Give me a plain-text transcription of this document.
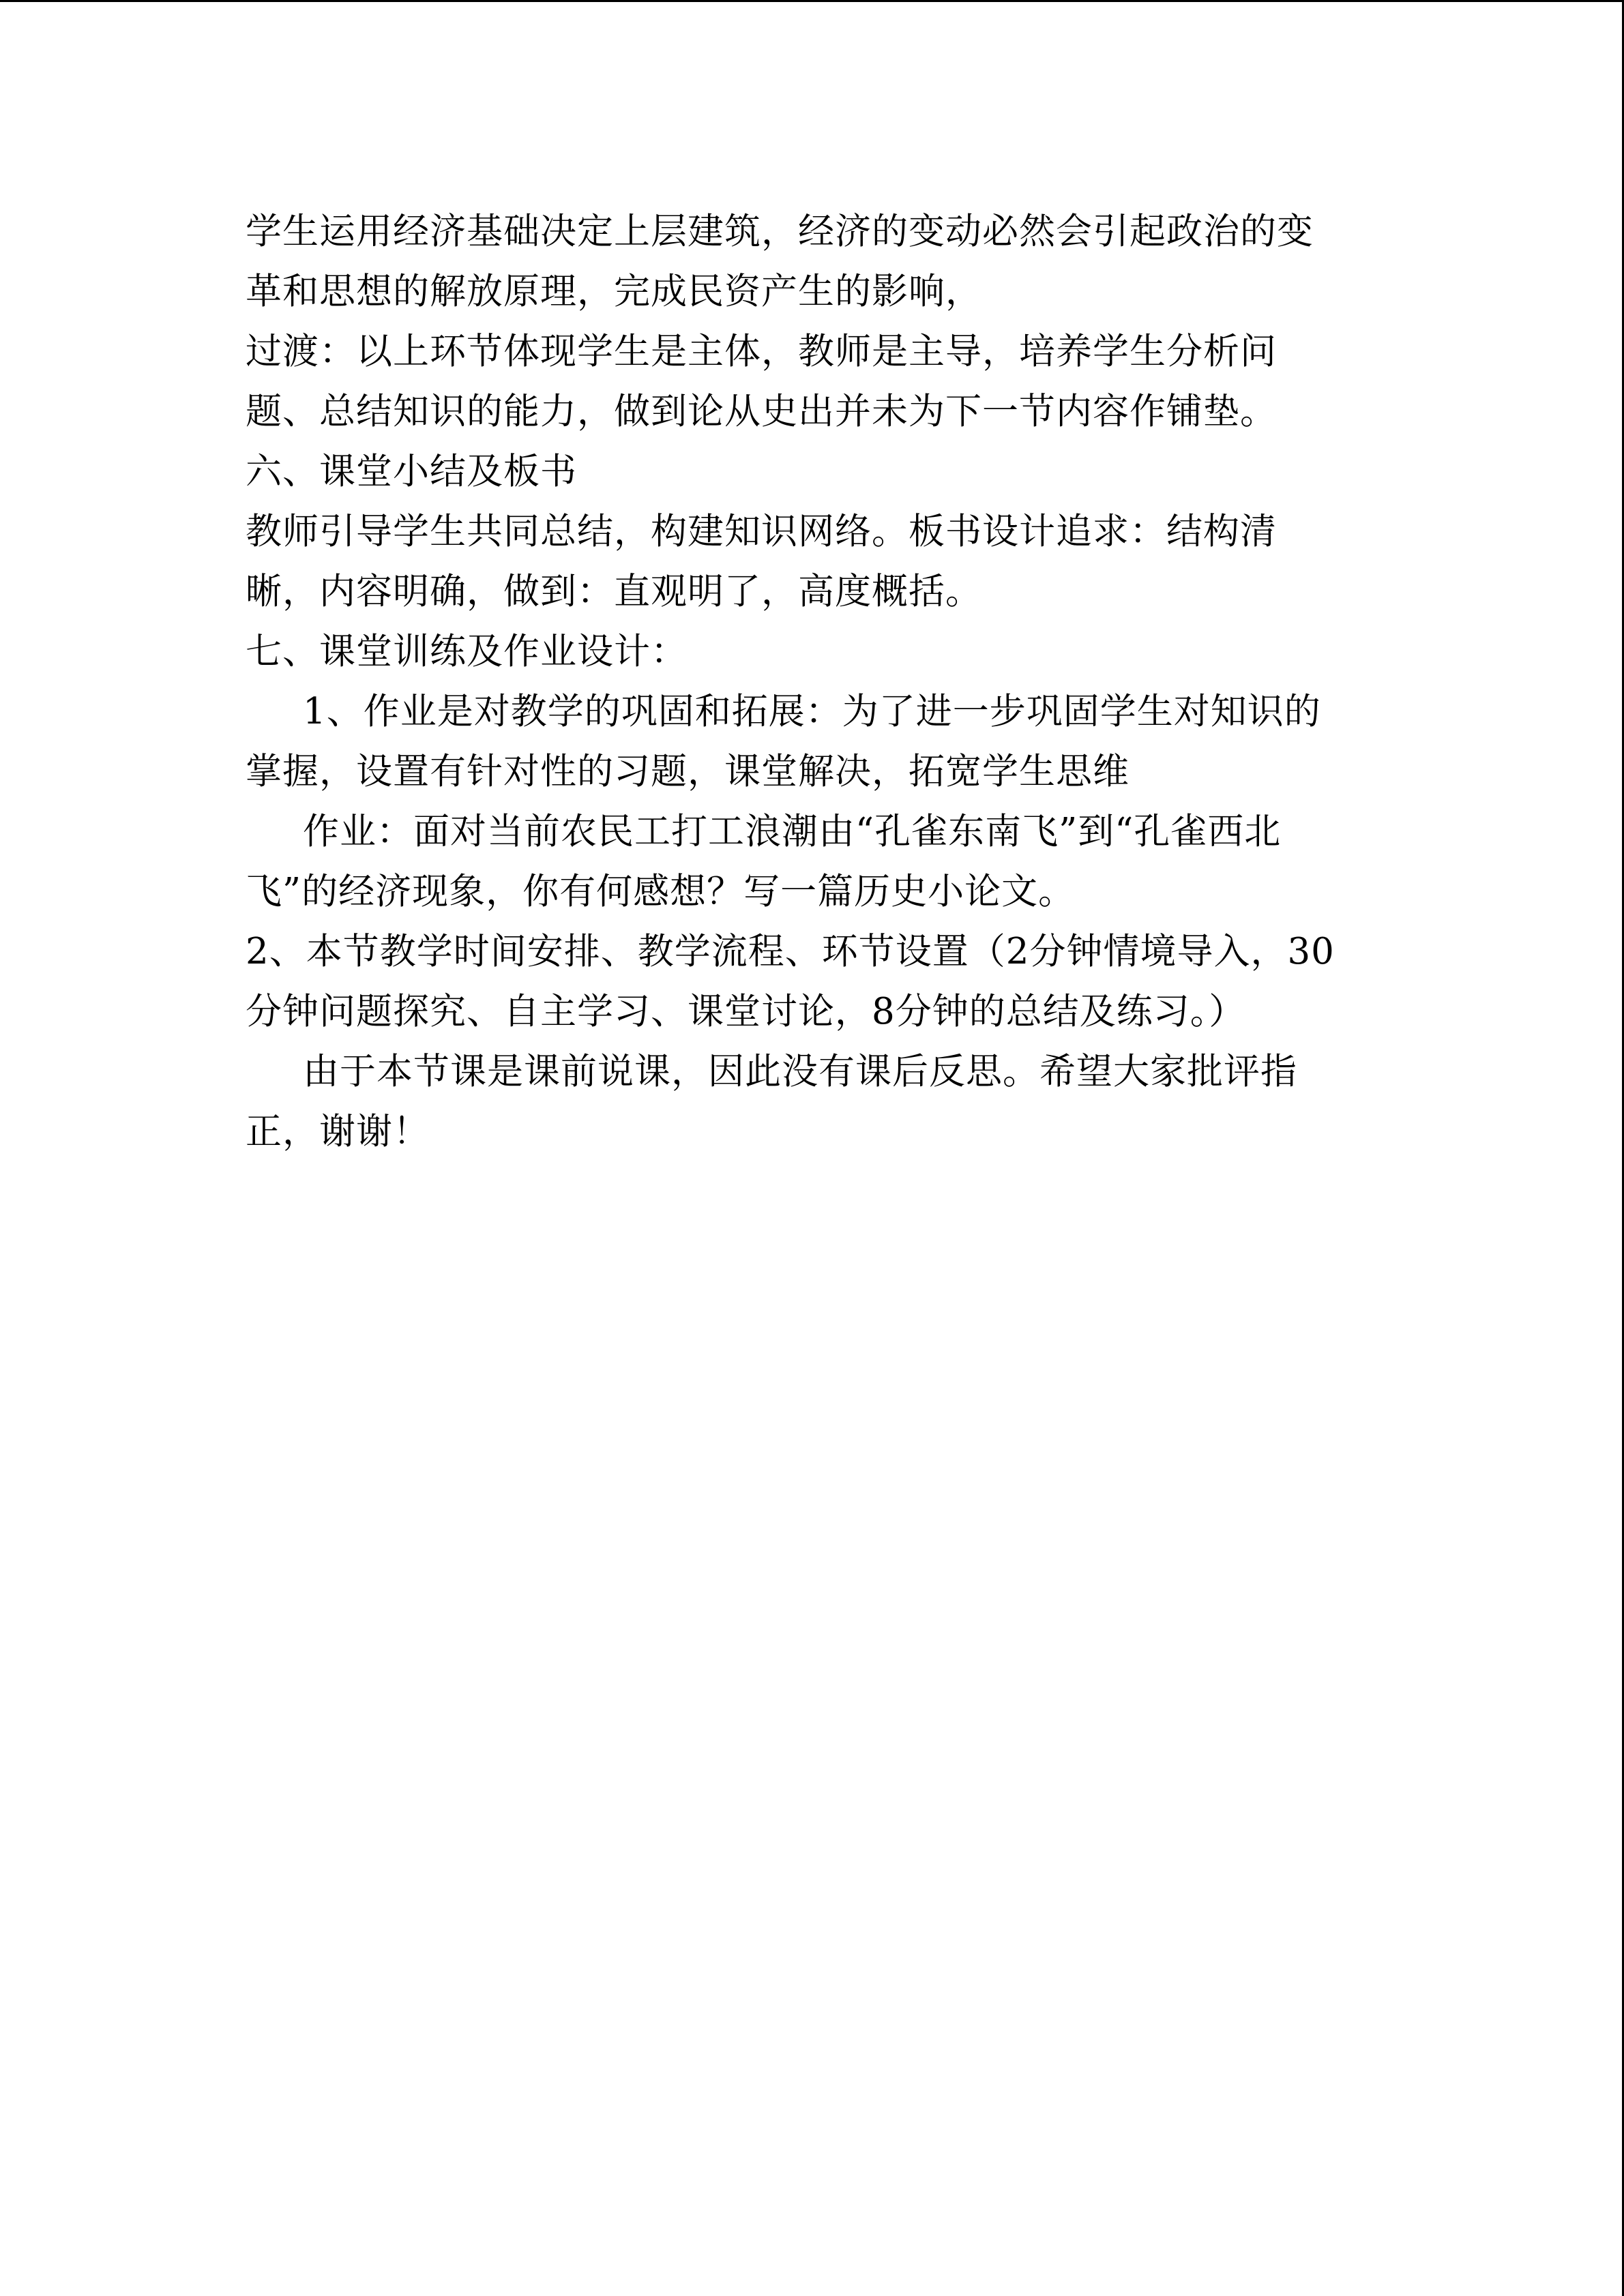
学生运用经济基础决定上层建筑，经济的变动必然会引起政治的变
革和思想的解放原理，完成民资产生的影响，
过渡：以上环节体现学生是主体，教师是主导，培养学生分析问
题、总结知识的能力，做到论从史出并未为下一节内容作铺垫。
六、课堂小结及板书
教师引导学生共同总结，构建知识网络。板书设计追求：结构清
晰，内容明确，做到：直观明了，高度概括。
七、课堂训练及作业设计：
1、作业是对教学的巩固和拓展：为了进一步巩固学生对知识的
掌握，设置有针对性的习题，课堂解决，拓宽学生思维
作业：面对当前农民工打工浪潮由“孔雀东南飞”到“孔雀西北
飞”的经济现象，你有何感想？写一篇历史小论文。
2、本节教学时间安排、教学流程、环节设置（2分钟情境导入，30
分钟问题探究、自主学习、课堂讨论，8分钟的总结及练习。）
由于本节课是课前说课，因此没有课后反思。希望大家批评指
正，谢谢！
